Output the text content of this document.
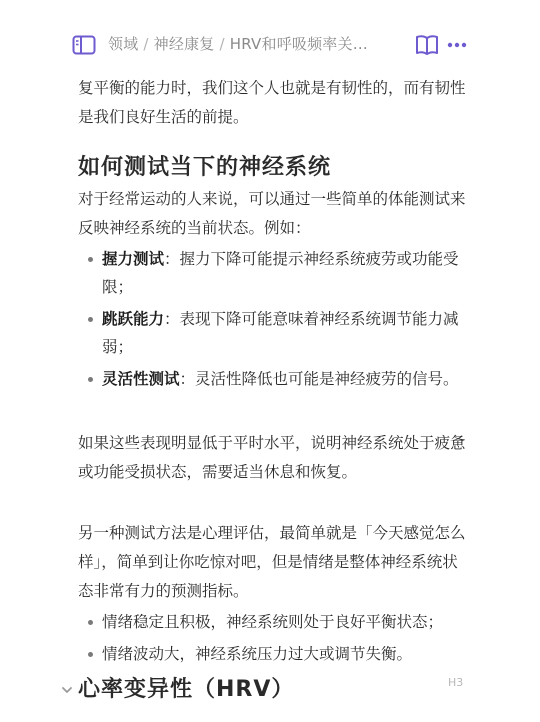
领域 / 神经康复 / HRV和呼吸频率关…

复平衡的能力时，我们这个人也就是有韧性的，而有韧性是我们良好生活的前提。

如何测试当下的神经系统

对于经常运动的人来说，可以通过一些简单的体能测试来反映神经系统的当前状态。例如：

握力测试：握力下降可能提示神经系统疲劳或功能受限；
跳跃能力：表现下降可能意味着神经系统调节能力减弱；
灵活性测试：灵活性降低也可能是神经疲劳的信号。

如果这些表现明显低于平时水平，说明神经系统处于疲惫或功能受损状态，需要适当休息和恢复。

另一种测试方法是心理评估，最简单就是「今天感觉怎么样」，简单到让你吃惊对吧，但是情绪是整体神经系统状态非常有力的预测指标。

情绪稳定且积极，神经系统则处于良好平衡状态；
情绪波动大，神经系统压力过大或调节失衡。
心率变异性（HRV）	H3
